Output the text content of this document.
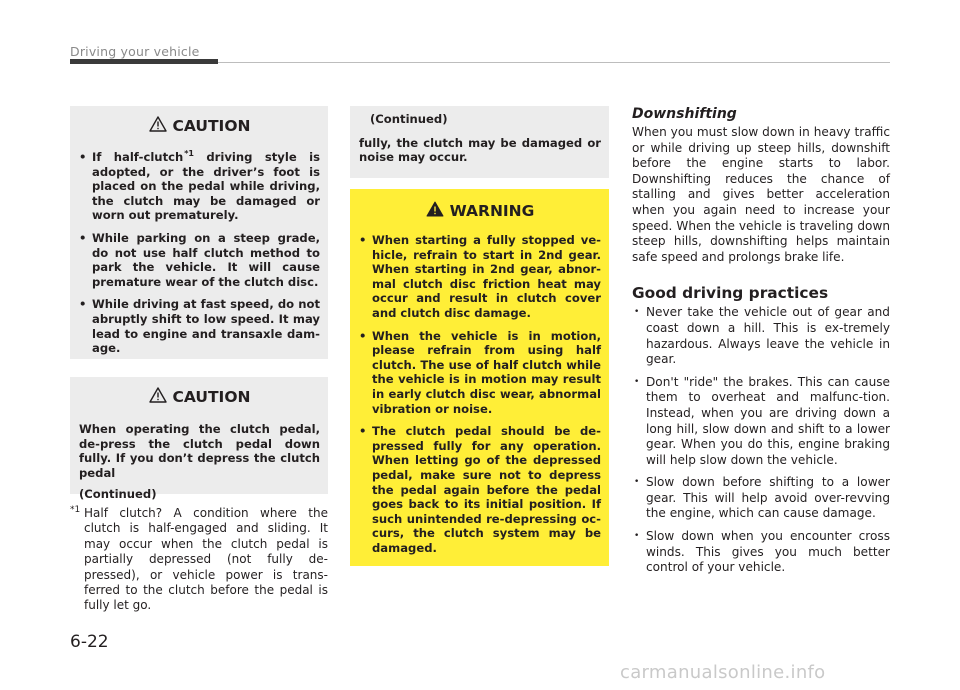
Driving your vehicle
CAUTION
• If half-clutch$^{*1}$ driving style is adopted, or the driver’s foot is placed on the pedal while driving, the clutch may be damaged or worn out prematurely.
• While parking on a steep grade, do not use half clutch method to park the vehicle. It will cause premature wear of the clutch disc.
• While driving at fast speed, do not abruptly shift to low speed. It may lead to engine and transaxle dam-age.
CAUTION
When operating the clutch pedal, de-press the clutch pedal down fully. If you don’t depress the clutch pedal
(Continued)
*1 Half clutch? A condition where the clutch is half-engaged and sliding. It may occur when the clutch pedal is partially depressed (not fully de-pressed), or vehicle power is trans-ferred to the clutch before the pedal is fully let go.
(Continued)
fully, the clutch may be damaged or noise may occur.
WARNING
• When starting a fully stopped ve-hicle, refrain to start in 2nd gear. When starting in 2nd gear, abnor-mal clutch disc friction heat may occur and result in clutch cover and clutch disc damage.
• When the vehicle is in motion, please refrain from using half clutch. The use of half clutch while the vehicle is in motion may result in early clutch disc wear, abnormal vibration or noise.
• The clutch pedal should be de-pressed fully for any operation. When letting go of the depressed pedal, make sure not to depress the pedal again before the pedal goes back to its initial position. If such unintended re-depressing oc-curs, the clutch system may be damaged.
Downshifting
When you must slow down in heavy traffic or while driving up steep hills, downshift before the engine starts to labor. Downshifting reduces the chance of stalling and gives better acceleration when you again need to increase your speed. When the vehicle is traveling down steep hills, downshifting helps maintain safe speed and prolongs brake life.
Good driving practices
• Never take the vehicle out of gear and coast down a hill. This is ex-tremely hazardous. Always leave the vehicle in gear.
• Don't "ride" the brakes. This can cause them to overheat and malfunc-tion. Instead, when you are driving down a long hill, slow down and shift to a lower gear. When you do this, engine braking will help slow down the vehicle.
• Slow down before shifting to a lower gear. This will help avoid over-revving the engine, which can cause damage.
• Slow down when you encounter cross winds. This gives you much better control of your vehicle.
6-22
carmanualsonline.info
